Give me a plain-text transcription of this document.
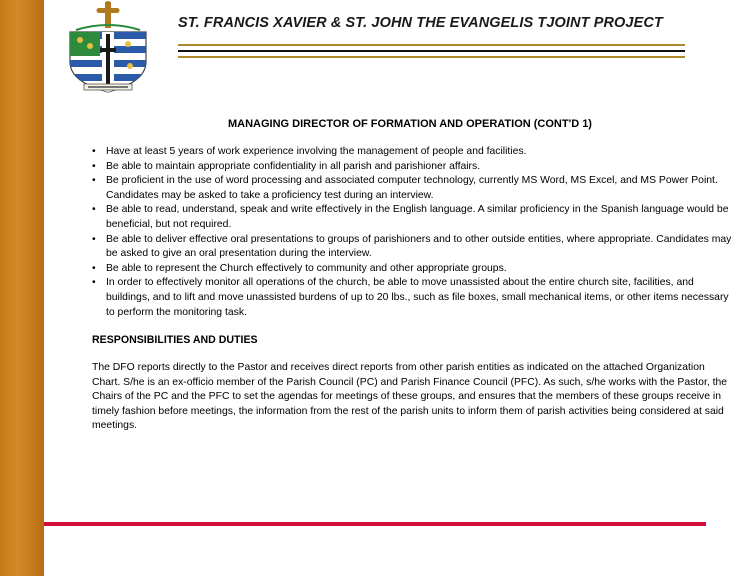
ST. FRANCIS XAVIER & ST. JOHN THE EVANGELIS TJOINT PROJECT
MANAGING DIRECTOR OF FORMATION AND OPERATION (CONT'D 1)
• Have at least 5 years of work experience involving the management of people and facilities.
• Be able to maintain appropriate confidentiality in all parish and parishioner affairs.
• Be proficient in the use of word processing and associated computer technology, currently MS Word, MS Excel, and MS Power Point. Candidates may be asked to take a proficiency test during an interview.
• Be able to read, understand, speak and write effectively in the English language. A similar proficiency in the Spanish language would be beneficial, but not required.
• Be able to deliver effective oral presentations to groups of parishioners and to other outside entities, where appropriate. Candidates may be asked to give an oral presentation during the interview.
• Be able to represent the Church effectively to community and other appropriate groups.
• In order to effectively monitor all operations of the church, be able to move unassisted about the entire church site, facilities, and buildings, and to lift and move unassisted burdens of up to 20 lbs., such as file boxes, small mechanical items, or other items necessary to perform the monitoring task.
RESPONSIBILITIES AND DUTIES
The DFO reports directly to the Pastor and receives direct reports from other parish entities as indicated on the attached Organization Chart. S/he is an ex-officio member of the Parish Council (PC) and Parish Finance Council (PFC). As such, s/he works with the Pastor, the Chairs of the PC and the PFC to set the agendas for meetings of these groups, and ensures that the members of these groups receive in timely fashion before meetings, the information from the rest of the parish units to inform them of parish activities being considered at said meetings.
